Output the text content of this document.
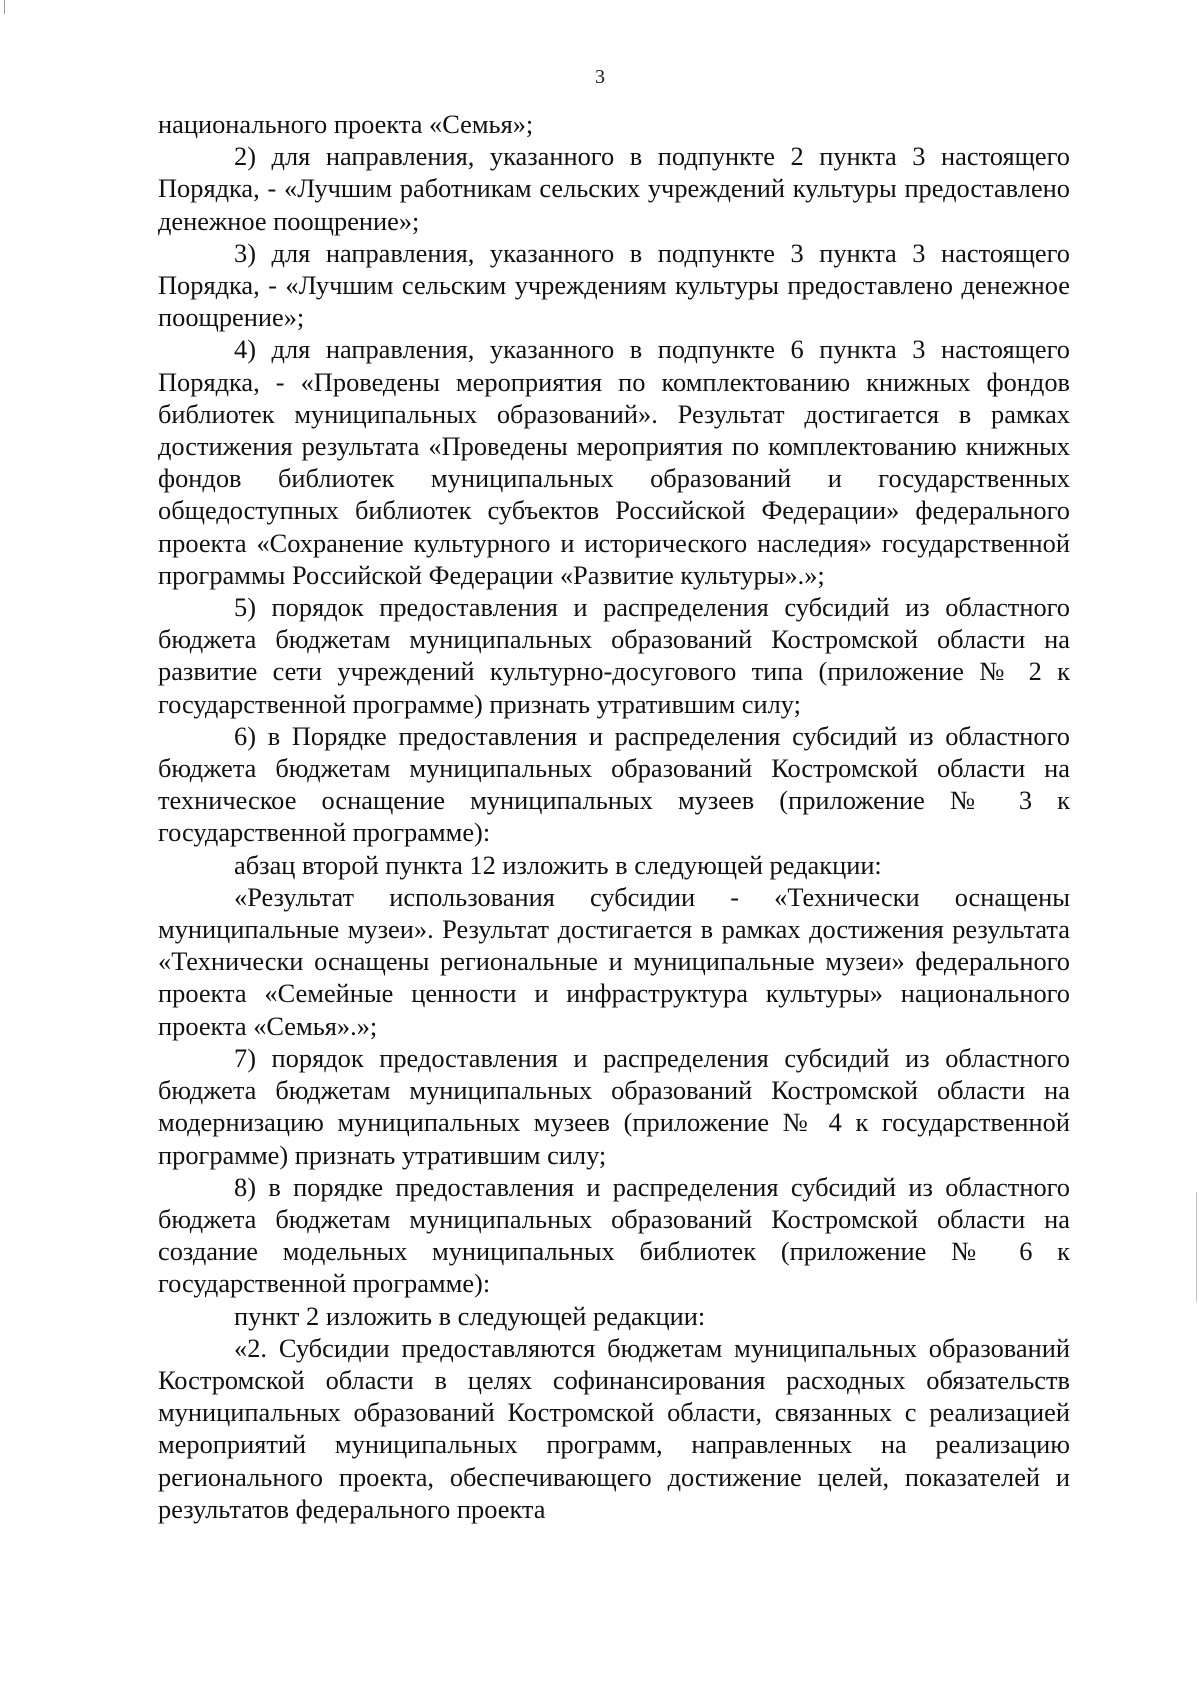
3

национального проекта «Семья»;

2) для направления, указанного в подпункте 2 пункта 3 настоящего Порядка, - «Лучшим работникам сельских учреждений культуры предоставлено денежное поощрение»;

3) для направления, указанного в подпункте 3 пункта 3 настоящего Порядка, - «Лучшим сельским учреждениям культуры предоставлено денежное поощрение»;

4) для направления, указанного в подпункте 6 пункта 3 настоящего Порядка, - «Проведены мероприятия по комплектованию книжных фондов библиотек муниципальных образований». Результат достигается в рамках достижения результата «Проведены мероприятия по комплектованию книжных фондов библиотек муниципальных образований и государственных общедоступных библиотек субъектов Российской Федерации» федерального проекта «Сохранение культурного и исторического наследия» государственной программы Российской Федерации «Развитие культуры».»;

5) порядок предоставления и распределения субсидий из областного бюджета бюджетам муниципальных образований Костромской области на развитие сети учреждений культурно-досугового типа (приложение № 2 к государственной программе) признать утратившим силу;

6) в Порядке предоставления и распределения субсидий из областного бюджета бюджетам муниципальных образований Костромской области на техническое оснащение муниципальных музеев (приложение № 3 к государственной программе):

абзац второй пункта 12 изложить в следующей редакции:

«Результат использования субсидии - «Технически оснащены муниципальные музеи». Результат достигается в рамках достижения результата «Технически оснащены региональные и муниципальные музеи» федерального проекта «Семейные ценности и инфраструктура культуры» национального проекта «Семья».»;

7) порядок предоставления и распределения субсидий из областного бюджета бюджетам муниципальных образований Костромской области на модернизацию муниципальных музеев (приложение № 4 к государственной программе) признать утратившим силу;

8) в порядке предоставления и распределения субсидий из областного бюджета бюджетам муниципальных образований Костромской области на создание модельных муниципальных библиотек (приложение № 6 к государственной программе):

пункт 2 изложить в следующей редакции:

«2. Субсидии предоставляются бюджетам муниципальных образований Костромской области в целях софинансирования расходных обязательств муниципальных образований Костромской области, связанных с реализацией мероприятий муниципальных программ, направленных на реализацию регионального проекта, обеспечивающего достижение целей, показателей и результатов федерального проекта
